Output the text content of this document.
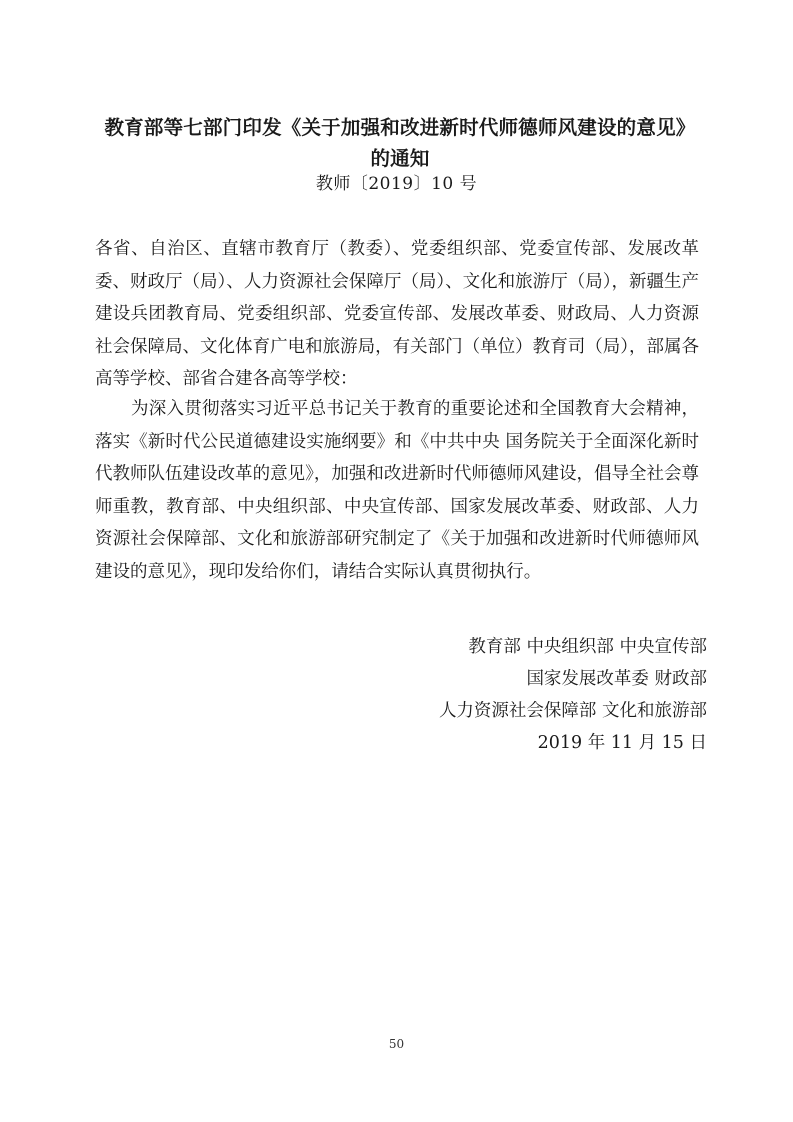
教育部等七部门印发《关于加强和改进新时代师德师风建设的意见》的通知
教师〔2019〕10 号

各省、自治区、直辖市教育厅（教委）、党委组织部、党委宣传部、发展改革委、财政厅（局）、人力资源社会保障厅（局）、文化和旅游厅（局），新疆生产建设兵团教育局、党委组织部、党委宣传部、发展改革委、财政局、人力资源社会保障局、文化体育广电和旅游局，有关部门（单位）教育司（局），部属各高等学校、部省合建各高等学校：

为深入贯彻落实习近平总书记关于教育的重要论述和全国教育大会精神，落实《新时代公民道德建设实施纲要》和《中共中央 国务院关于全面深化新时代教师队伍建设改革的意见》，加强和改进新时代师德师风建设，倡导全社会尊师重教，教育部、中央组织部、中央宣传部、国家发展改革委、财政部、人力资源社会保障部、文化和旅游部研究制定了《关于加强和改进新时代师德师风建设的意见》，现印发给你们，请结合实际认真贯彻执行。

教育部 中央组织部 中央宣传部
国家发展改革委 财政部
人力资源社会保障部 文化和旅游部
2019 年 11 月 15 日
50
